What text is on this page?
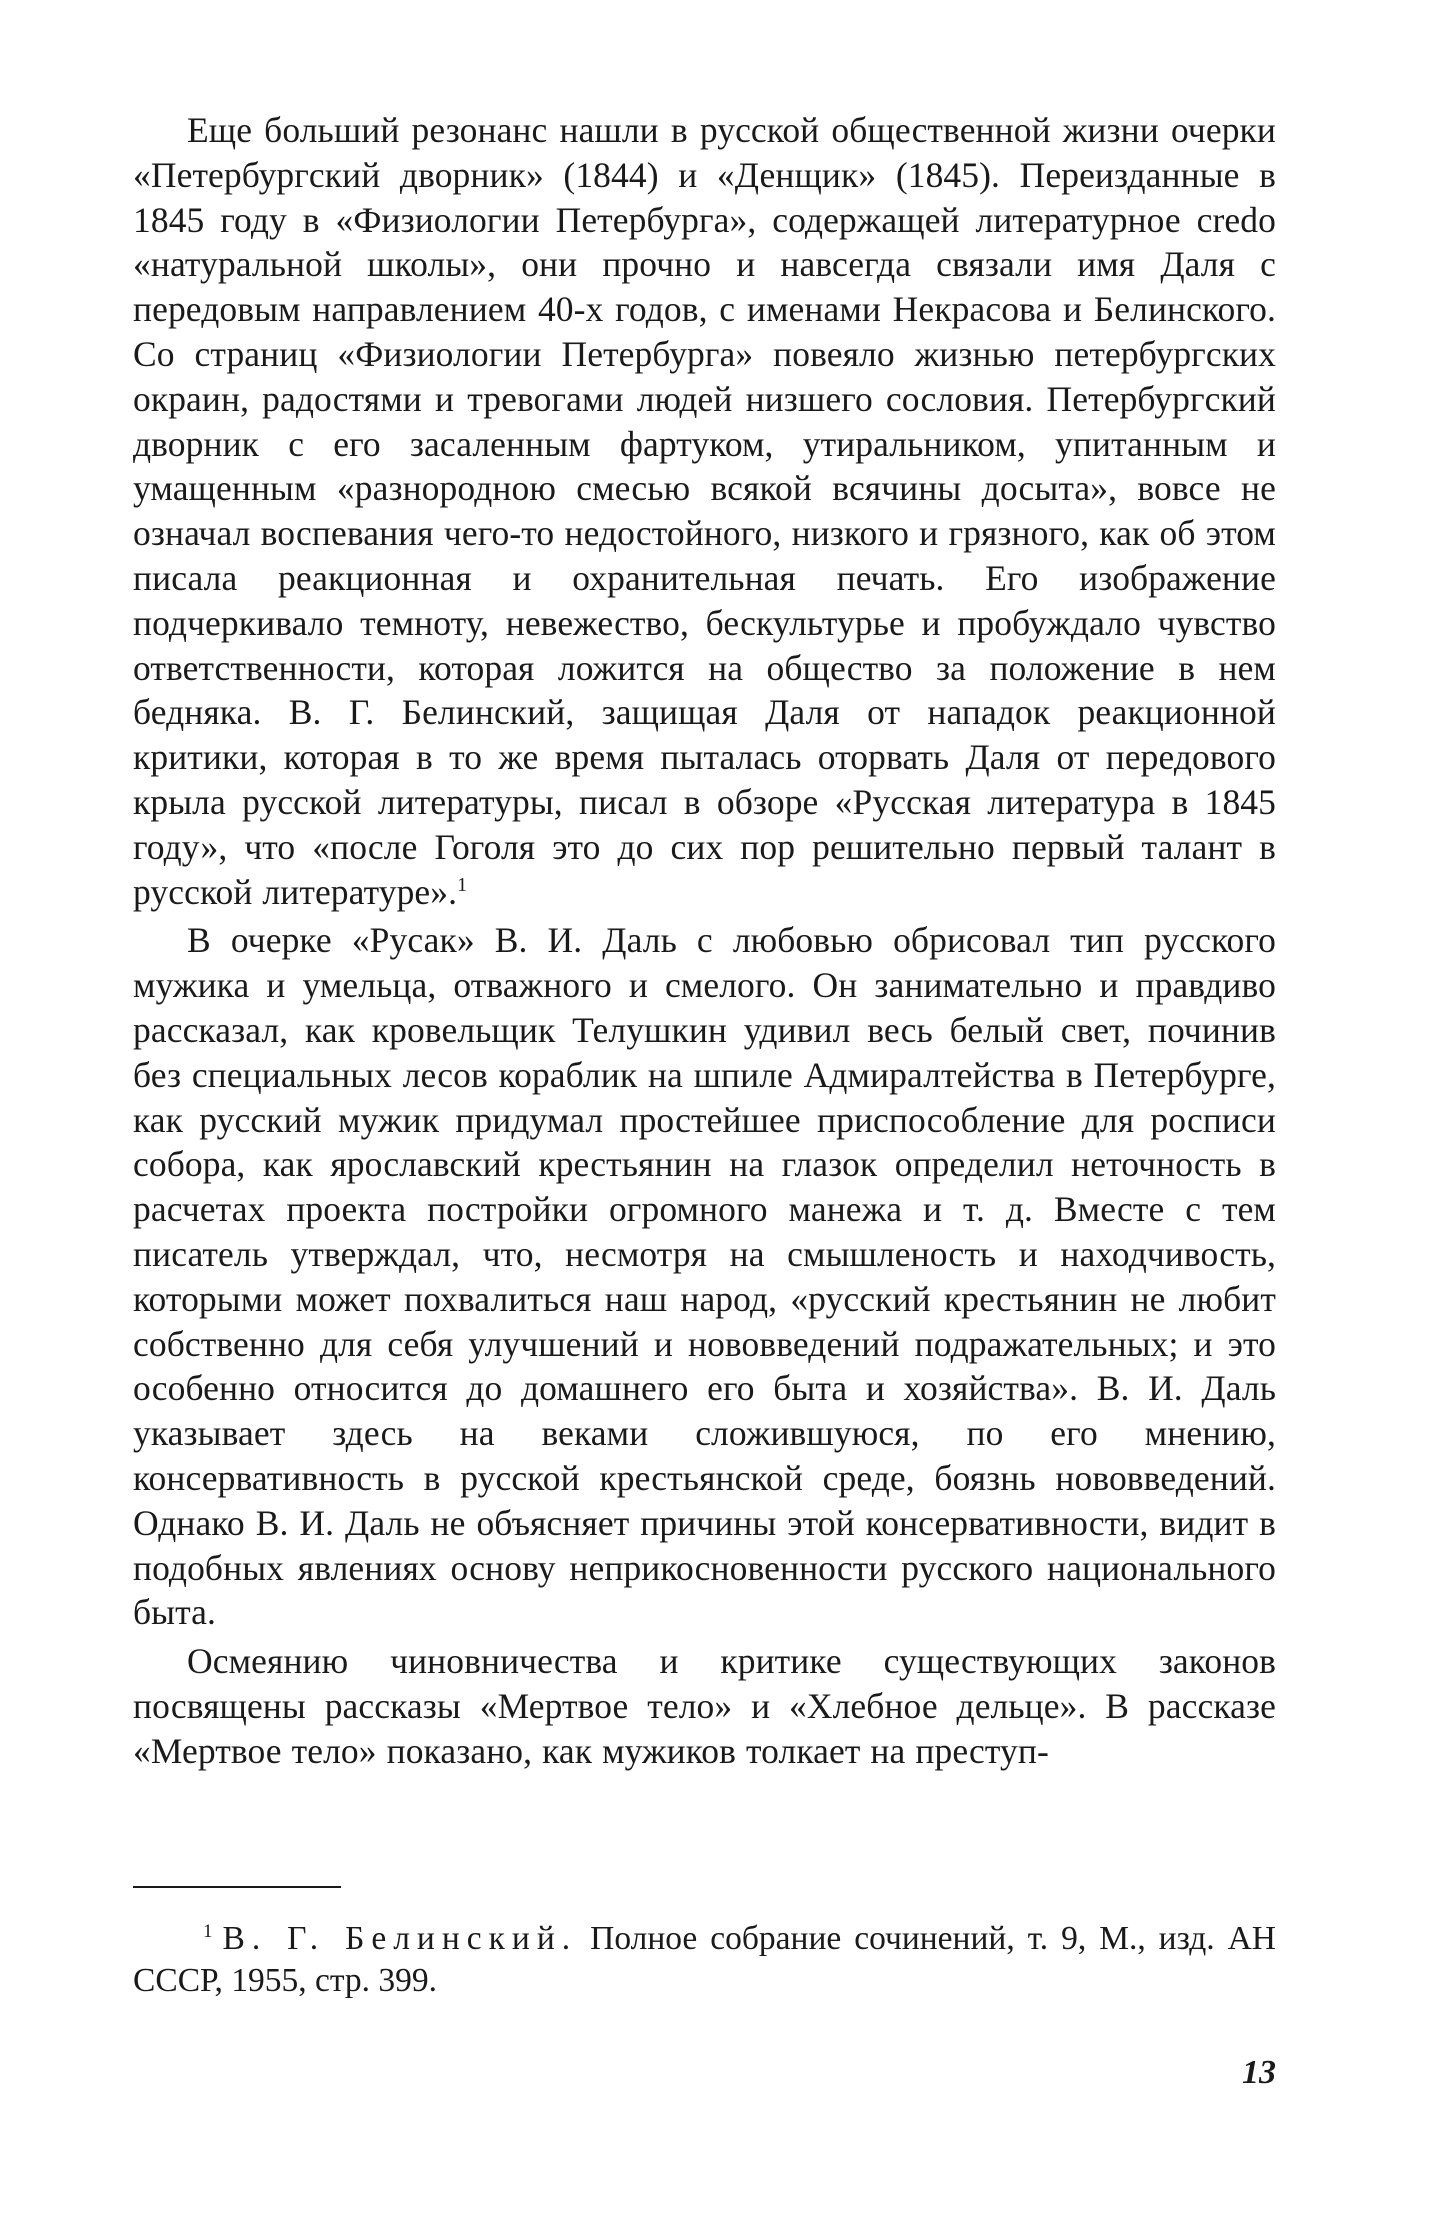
Еще больший резонанс нашли в русской общественной жизни очерки «Петербургский дворник» (1844) и «Денщик» (1845). Переизданные в 1845 году в «Физиологии Петербурга», содержащей литературное credo «натуральной школы», они прочно и навсегда связали имя Даля с передовым направлением 40-х годов, с именами Некрасова и Белинского. Со страниц «Физиологии Петербурга» повеяло жизнью петербургских окраин, радостями и тревогами людей низшего сословия. Петербургский дворник с его засаленным фартуком, утиральником, упитанным и умащенным «разнородною смесью всякой всячины досыта», вовсе не означал воспевания чего-то недостойного, низкого и грязного, как об этом писала реакционная и охранительная печать. Его изображение подчеркивало темноту, невежество, бескультурье и пробуждало чувство ответственности, которая ложится на общество за положение в нем бедняка. В. Г. Белинский, защищая Даля от нападок реакционной критики, которая в то же время пыталась оторвать Даля от передового крыла русской литературы, писал в обзоре «Русская литература в 1845 году», что «после Гоголя это до сих пор решительно первый талант в русской литературе».$^1$

В очерке «Русак» В. И. Даль с любовью обрисовал тип русского мужика и умельца, отважного и смелого. Он занимательно и правдиво рассказал, как кровельщик Телушкин удивил весь белый свет, починив без специальных лесов кораблик на шпиле Адмиралтейства в Петербурге, как русский мужик придумал простейшее приспособление для росписи собора, как ярославский крестьянин на глазок определил неточность в расчетах проекта постройки огромного манежа и т. д. Вместе с тем писатель утверждал, что, несмотря на смышленость и находчивость, которыми может похвалиться наш народ, «русский крестьянин не любит собственно для себя улучшений и нововведений подражательных; и это особенно относится до домашнего его быта и хозяйства». В. И. Даль указывает здесь на веками сложившуюся, по его мнению, консервативность в русской крестьянской среде, боязнь нововведений. Однако В. И. Даль не объясняет причины этой консервативности, видит в подобных явлениях основу неприкосновенности русского национального быта.

Осмеянию чиновничества и критике существующих законов посвящены рассказы «Мертвое тело» и «Хлебное дельце». В рассказе «Мертвое тело» показано, как мужиков толкает на преступ-

$^1$ В. Г. Белинский. Полное собрание сочинений, т. 9, М., изд. АН СССР, 1955, стр. 399.

13
